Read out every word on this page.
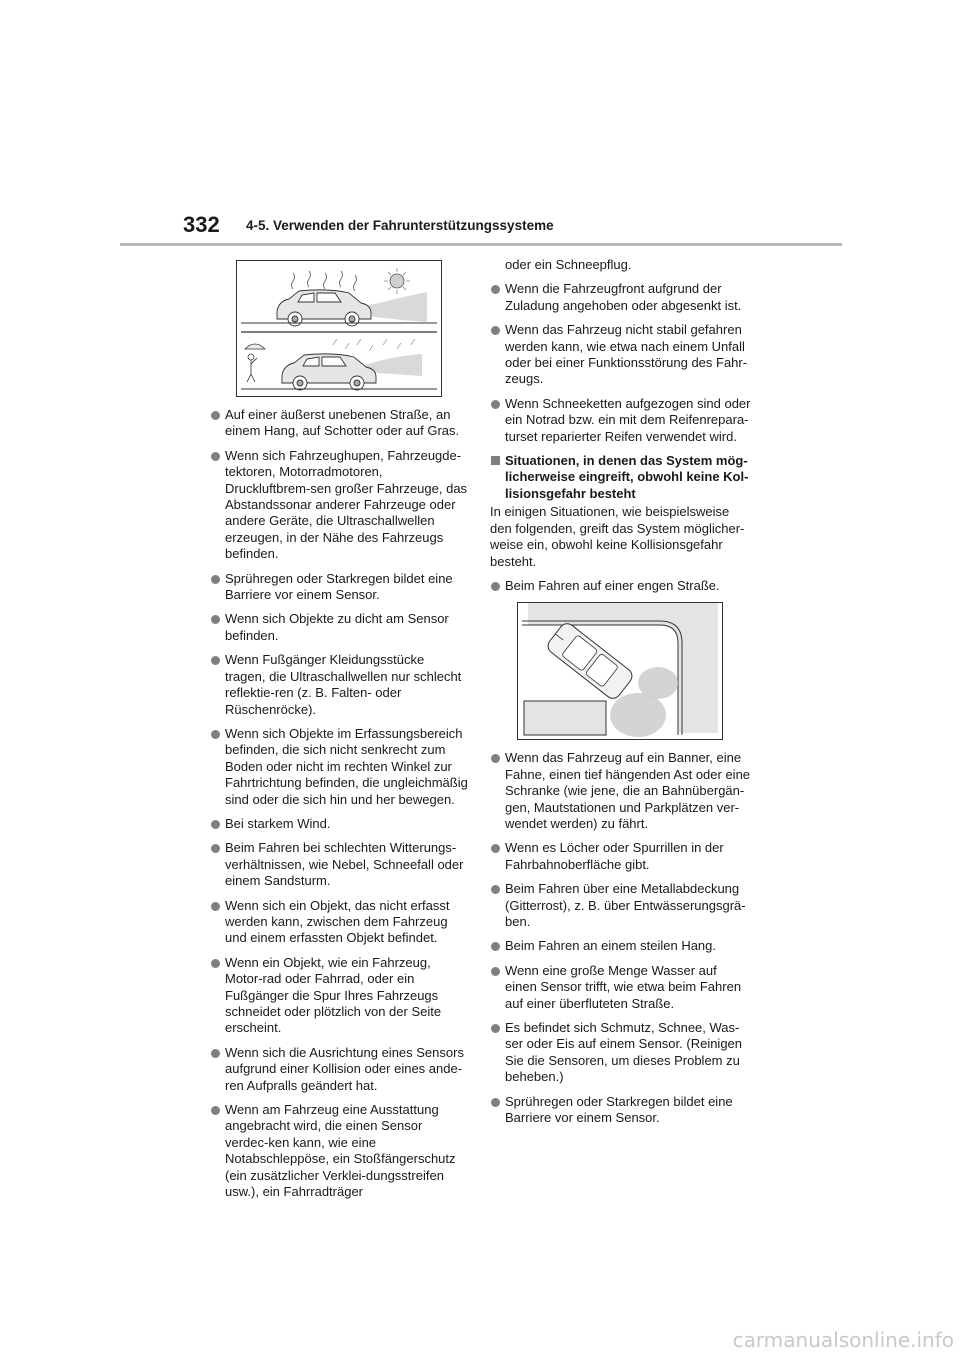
332 4-5. Verwenden der Fahrunterstützungssysteme
Auf einer äußerst unebenen Straße, an einem Hang, auf Schotter oder auf Gras.
Wenn sich Fahrzeughupen, Fahrzeugde-tektoren, Motorradmotoren, Druckluftbrem-sen großer Fahrzeuge, das Abstandssonar anderer Fahrzeuge oder andere Geräte, die Ultraschallwellen erzeugen, in der Nähe des Fahrzeugs befinden.
Sprühregen oder Starkregen bildet eine Barriere vor einem Sensor.
Wenn sich Objekte zu dicht am Sensor befinden.
Wenn Fußgänger Kleidungsstücke tragen, die Ultraschallwellen nur schlecht reflektie-ren (z. B. Falten- oder Rüschenröcke).
Wenn sich Objekte im Erfassungsbereich befinden, die sich nicht senkrecht zum Boden oder nicht im rechten Winkel zur Fahrtrichtung befinden, die ungleichmäßig sind oder die sich hin und her bewegen.
Bei starkem Wind.
Beim Fahren bei schlechten Witterungs-verhältnissen, wie Nebel, Schneefall oder einem Sandsturm.
Wenn sich ein Objekt, das nicht erfasst werden kann, zwischen dem Fahrzeug und einem erfassten Objekt befindet.
Wenn ein Objekt, wie ein Fahrzeug, Motor-rad oder Fahrrad, oder ein Fußgänger die Spur Ihres Fahrzeugs schneidet oder plötzlich von der Seite erscheint.
Wenn sich die Ausrichtung eines Sensors aufgrund einer Kollision oder eines ande-ren Aufpralls geändert hat.
Wenn am Fahrzeug eine Ausstattung angebracht wird, die einen Sensor verdec-ken kann, wie eine Notabschleppöse, ein Stoßfängerschutz (ein zusätzlicher Verklei-dungsstreifen usw.), ein Fahrradträger
oder ein Schneepflug.
Wenn die Fahrzeugfront aufgrund der Zuladung angehoben oder abgesenkt ist.
Wenn das Fahrzeug nicht stabil gefahren werden kann, wie etwa nach einem Unfall oder bei einer Funktionsstörung des Fahr-zeugs.
Wenn Schneeketten aufgezogen sind oder ein Notrad bzw. ein mit dem Reifenrepara-turset reparierter Reifen verwendet wird.
Situationen, in denen das System mög-licherweise eingreift, obwohl keine Kol-lisionsgefahr besteht
In einigen Situationen, wie beispielsweise den folgenden, greift das System möglicher-weise ein, obwohl keine Kollisionsgefahr besteht.
Beim Fahren auf einer engen Straße.
Wenn das Fahrzeug auf ein Banner, eine Fahne, einen tief hängenden Ast oder eine Schranke (wie jene, die an Bahnübergän-gen, Mautstationen und Parkplätzen ver-wendet werden) zu fährt.
Wenn es Löcher oder Spurrillen in der Fahrbahnoberfläche gibt.
Beim Fahren über eine Metallabdeckung (Gitterrost), z. B. über Entwässerungsgrä-ben.
Beim Fahren an einem steilen Hang.
Wenn eine große Menge Wasser auf einen Sensor trifft, wie etwa beim Fahren auf einer überfluteten Straße.
Es befindet sich Schmutz, Schnee, Was-ser oder Eis auf einem Sensor. (Reinigen Sie die Sensoren, um dieses Problem zu beheben.)
Sprühregen oder Starkregen bildet eine Barriere vor einem Sensor.
carmanualsonline.info
